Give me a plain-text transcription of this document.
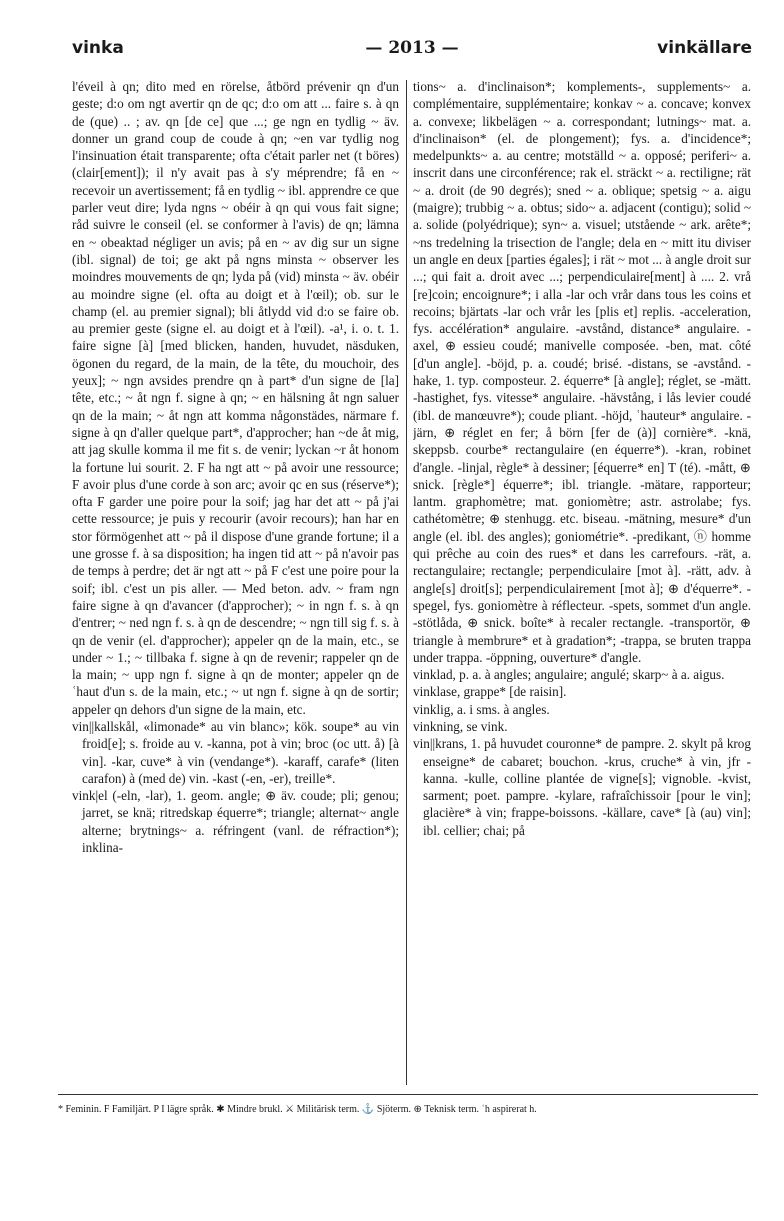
vinka	— 2013 —	vinkällare

l'éveil à qn; dito med en rörelse, åtbörd prévenir qn d'un geste; d:o om ngt avertir qn de qc; d:o om att ... faire s. à qn de (que) .. ; av. qn [de ce] que ...; ge ngn en tydlig ~ äv. donner un grand coup de coude à qn; ~en var tydlig nog l'insinuation était transparente; ofta c'était parler net (t böres) (clair[ement]); il n'y avait pas à s'y méprendre; få en ~ recevoir un avertissement; få en tydlig ~ ibl. apprendre ce que parler veut dire; lyda ngns ~ obéir à qn qui vous fait signe; råd suivre le conseil (el. se conformer à l'avis) de qn; lämna en ~ obeaktad négliger un avis; på en ~ av dig sur un signe (ibl. signal) de toi; ge akt på ngns minsta ~ observer les moindres mouvements de qn; lyda på (vid) minsta ~ äv. obéir au moindre signe (el. ofta au doigt et à l'œil); ob. sur le champ (el. au premier signal); bli åtlydd vid d:o se faire ob. au premier geste (signe el. au doigt et à l'œil). -a¹, i. o. t. 1. faire signe [à] [med blicken, handen, huvudet, näsduken, ögonen du regard, de la main, de la tête, du mouchoir, des yeux]; ~ ngn avsides prendre qn à part* d'un signe de [la] tête, etc.; ~ åt ngn f. signe à qn; ~ en hälsning åt ngn saluer qn de la main; ~ åt ngn att komma någonstädes, närmare f. signe à qn d'aller quelque part*, d'approcher; han ~de åt mig, att jag skulle komma il me fit s. de venir; lyckan ~r åt honom la fortune lui sourit. 2. F ha ngt att ~ på avoir une ressource; F avoir plus d'une corde à son arc; avoir qc en sus (réserve*); ofta F garder une poire pour la soif; jag har det att ~ på j'ai cette ressource; je puis y recourir (avoir recours); han har en stor förmögenhet att ~ på il dispose d'une grande fortune; il a une grosse f. à sa disposition; ha ingen tid att ~ på n'avoir pas de temps à perdre; det är ngt att ~ på F c'est une poire pour la soif; ibl. c'est un pis aller. — Med beton. adv. ~ fram ngn faire signe à qn d'avancer (d'approcher); ~ in ngn f. s. à qn d'entrer; ~ ned ngn f. s. à qn de descendre; ~ ngn till sig f. s. à qn de venir (el. d'approcher); appeler qn de la main, etc., se under ~ 1.; ~ tillbaka f. signe à qn de revenir; rappeler qn de la main; ~ upp ngn f. signe à qn de monter; appeler qn de ʿhaut d'un s. de la main, etc.; ~ ut ngn f. signe à qn de sortir; appeler qn dehors d'un signe de la main, etc.

vin||kallskål, «limonade* au vin blanc»; kök. soupe* au vin froid[e]; s. froide au v. -kanna, pot à vin; broc (oc utt. å) [à vin]. -kar, cuve* à vin (vendange*). -karaff, carafe* (liten carafon) à (med de) vin. -kast (-en, -er), treille*.

vink|el (-eln, -lar), 1. geom. angle; ⊕ äv. coude; pli; genou; jarret, se knä; ritredskap équerre*; triangle; alternat~ angle alterne; brytnings~ a. réfringent (vanl. de réfraction*); inklina-

tions~ a. d'inclinaison*; komplements-, supplements~ a. complémentaire, supplémentaire; konkav ~ a. concave; konvex a. convexe; likbelägen ~ a. correspondant; lutnings~ mat. a. d'inclinaison* (el. de plongement); fys. a. d'incidence*; medelpunkts~ a. au centre; motställd ~ a. opposé; periferi~ a. inscrit dans une circonférence; rak el. sträckt ~ a. rectiligne; rät ~ a. droit (de 90 degrés); sned ~ a. oblique; spetsig ~ a. aigu (maigre); trubbig ~ a. obtus; sido~ a. adjacent (contigu); solid ~ a. solide (polyédrique); syn~ a. visuel; utstående ~ ark. arête*; ~ns tredelning la trisection de l'angle; dela en ~ mitt itu diviser un angle en deux [parties égales]; i rät ~ mot ... à angle droit sur ...; qui fait a. droit avec ...; perpendiculaire[ment] à .... 2. vrå [re]coin; encoignure*; i alla -lar och vrår dans tous les coins et recoins; bjärtats -lar och vrår les [plis et] replis. -acceleration, fys. accélération* angulaire. -avstånd, distance* angulaire. -axel, ⊕ essieu coudé; manivelle composée. -ben, mat. côté [d'un angle]. -böjd, p. a. coudé; brisé. -distans, se -avstånd. -hake, 1. typ. composteur. 2. équerre* [à angle]; réglet, se -mätt. -hastighet, fys. vitesse* angulaire. -hävstång, i lås levier coudé (ibl. de manœuvre*); coude pliant. -höjd, ʿhauteur* angulaire. -järn, ⊕ réglet en fer; å börn [fer de (à)] cornière*. -knä, skeppsb. courbe* rectangulaire (en équerre*). -kran, robinet d'angle. -linjal, règle* à dessiner; [équerre* en] T (té). -mått, ⊕ snick. [règle*] équerre*; ibl. triangle. -mätare, rapporteur; lantm. graphomètre; mat. goniomètre; astr. astrolabe; fys. cathétomètre; ⊕ stenhugg. etc. biseau. -mätning, mesure* d'un angle (el. ibl. des angles); goniométrie*. -predikant, ⓝ homme qui prêche au coin des rues* et dans les carrefours. -rät, a. rectangulaire; rectangle; perpendiculaire [mot à]. -rätt, adv. à angle[s] droit[s]; perpendiculairement [mot à]; ⊕ d'équerre*. -spegel, fys. goniomètre à réflecteur. -spets, sommet d'un angle. -stötlåda, ⊕ snick. boîte* à recaler rectangle. -transportör, ⊕ triangle à membrure* et à gradation*; -trappa, se bruten trappa under trappa. -öppning, ouverture* d'angle.

vinklad, p. a. à angles; angulaire; angulé; skarp~ à a. aigus.

vinklase, grappe* [de raisin].

vinklig, a. i sms. à angles.

vinkning, se vink.

vin||krans, 1. på huvudet couronne* de pampre. 2. skylt på krog enseigne* de cabaret; bouchon. -krus, cruche* à vin, jfr -kanna. -kulle, colline plantée de vigne[s]; vignoble. -kvist, sarment; poet. pampre. -kylare, rafraîchissoir [pour le vin]; glacière* à vin; frappe-boissons. -källare, cave* [à (au) vin]; ibl. cellier; chai; på

* Feminin. F Familjärt. P I lägre språk. ✱ Mindre brukl. ⚔ Militärisk term. ⚓ Sjöterm. ⊕ Teknisk term. ʿh aspirerat h.
